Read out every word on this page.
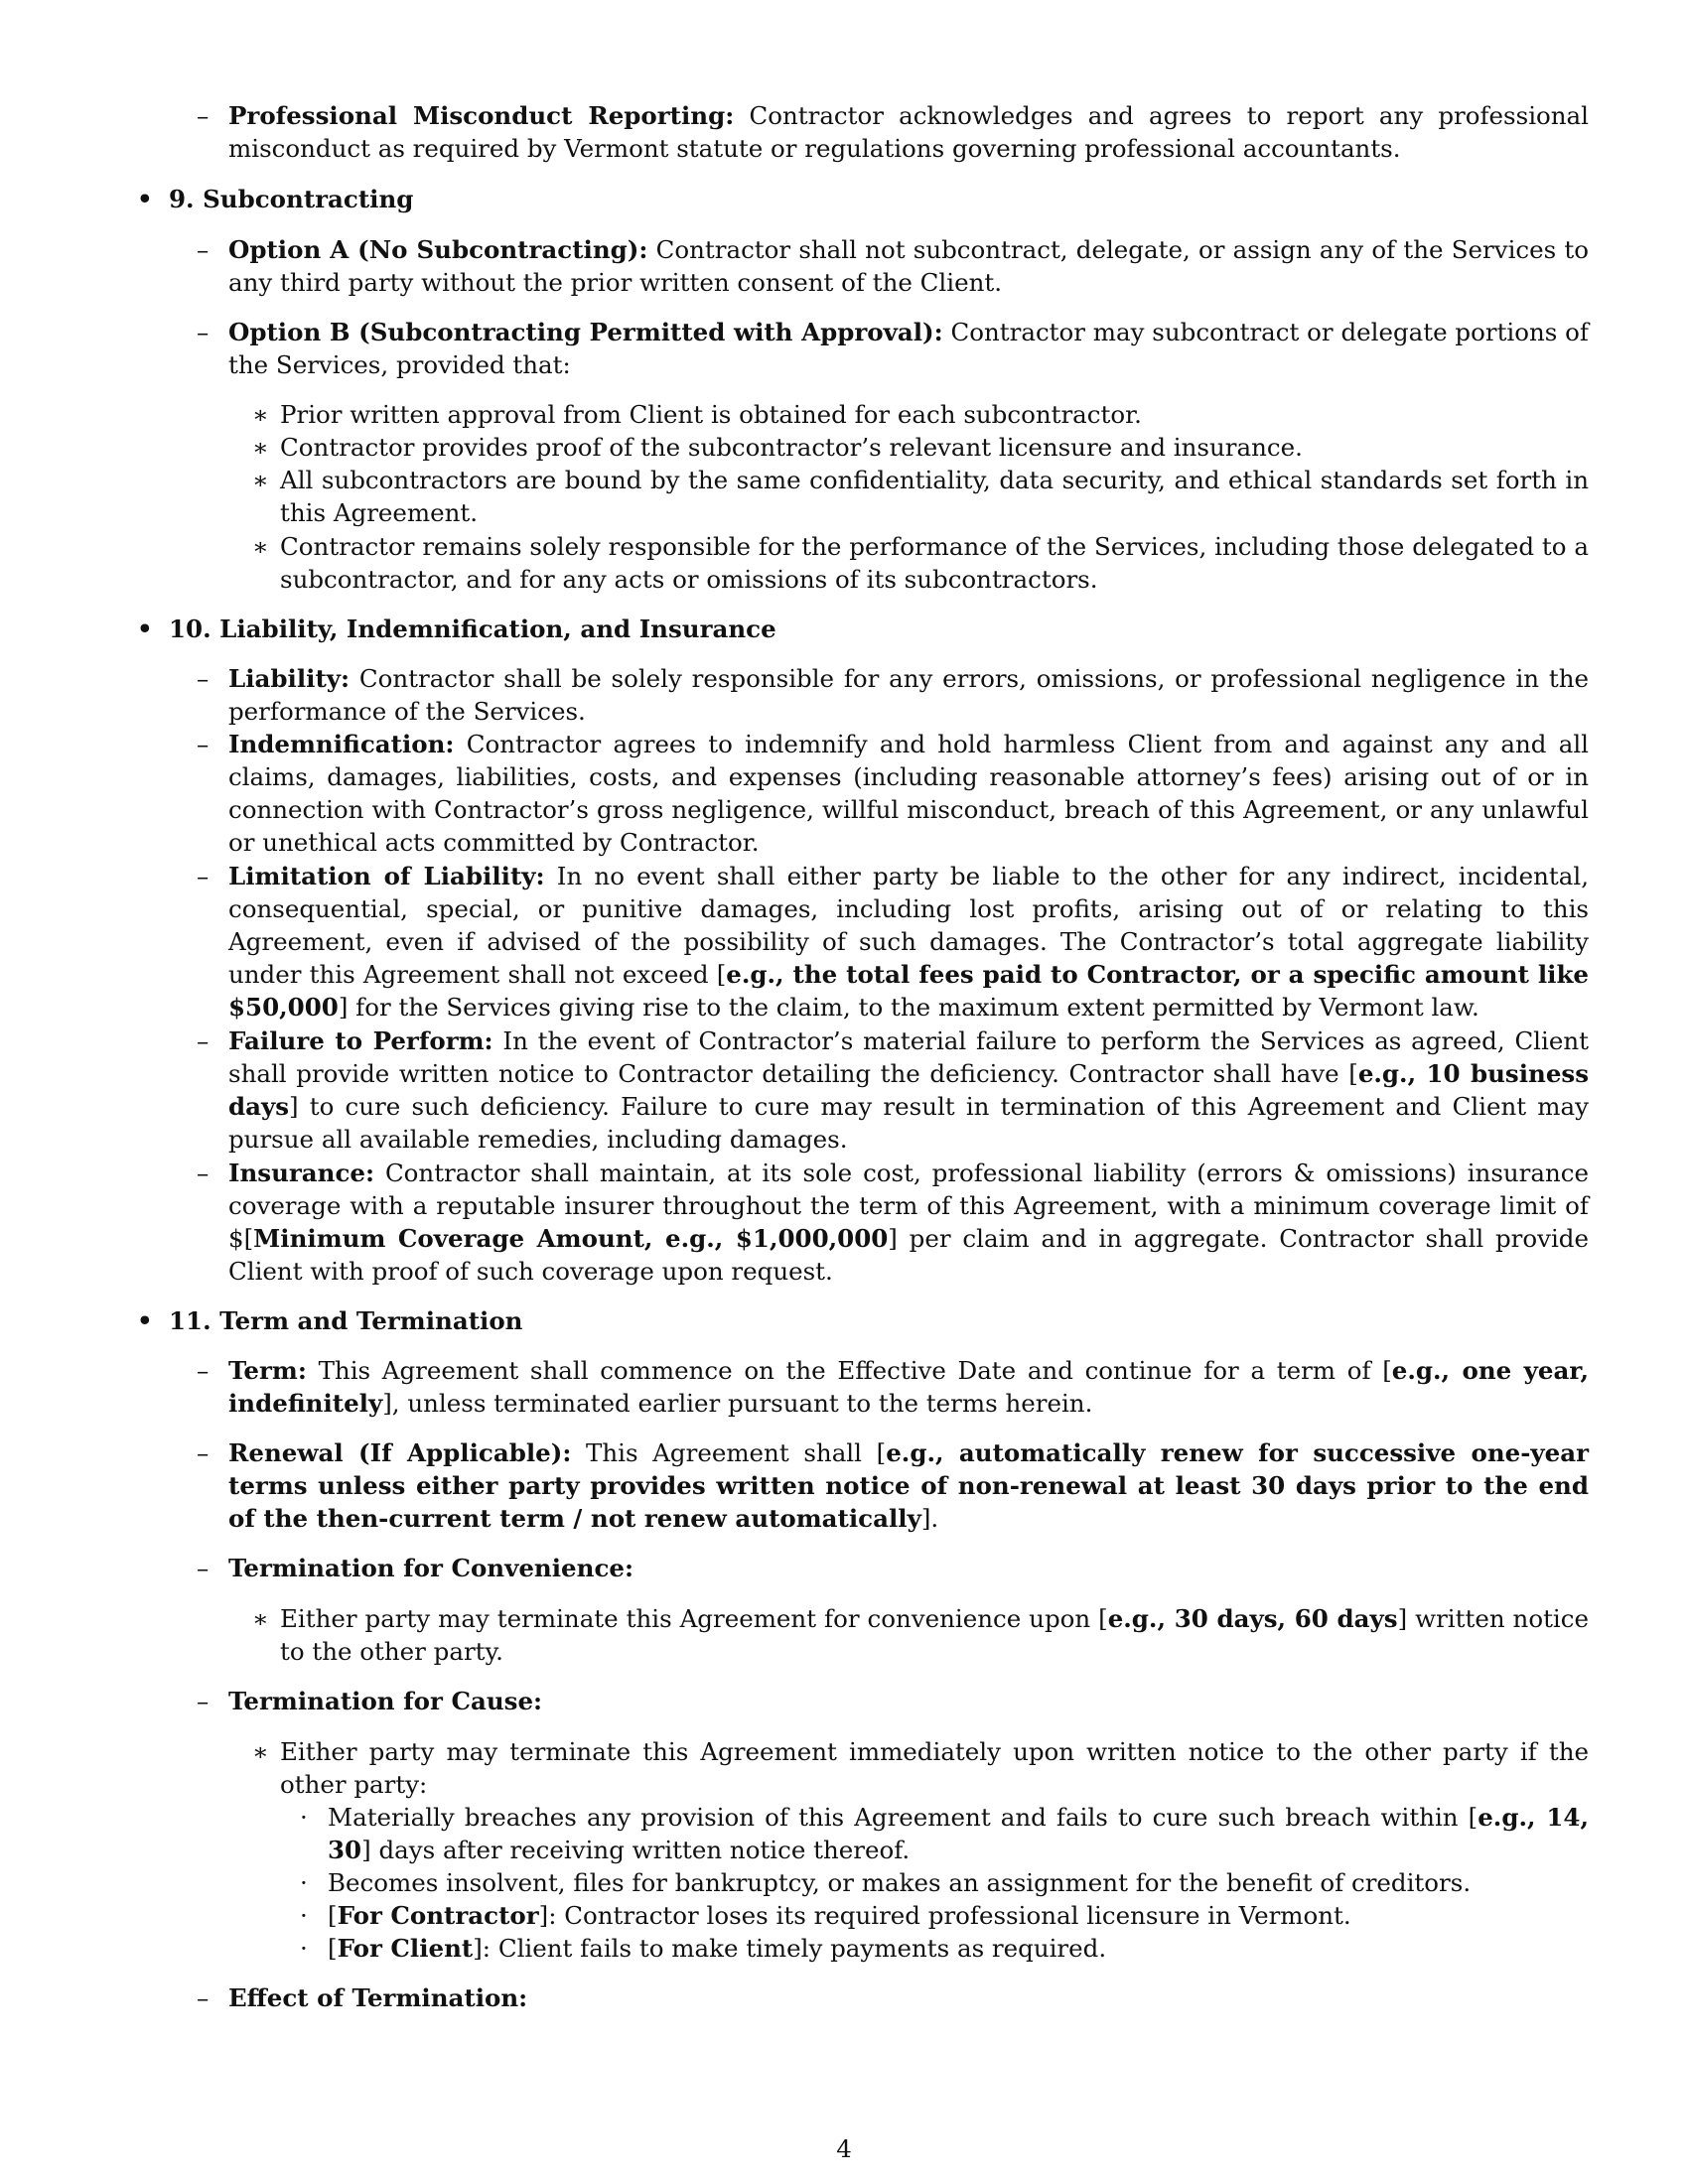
– Professional Misconduct Reporting: Contractor acknowledges and agrees to report any professional misconduct as required by Vermont statute or regulations governing professional accountants.
• 9. Subcontracting
– Option A (No Subcontracting): Contractor shall not subcontract, delegate, or assign any of the Services to any third party without the prior written consent of the Client.
– Option B (Subcontracting Permitted with Approval): Contractor may subcontract or delegate portions of the Services, provided that:
∗ Prior written approval from Client is obtained for each subcontractor.
∗ Contractor provides proof of the subcontractor’s relevant licensure and insurance.
∗ All subcontractors are bound by the same confidentiality, data security, and ethical standards set forth in this Agreement.
∗ Contractor remains solely responsible for the performance of the Services, including those delegated to a subcontractor, and for any acts or omissions of its subcontractors.
• 10. Liability, Indemnification, and Insurance
– Liability: Contractor shall be solely responsible for any errors, omissions, or professional negligence in the performance of the Services.
– Indemnification: Contractor agrees to indemnify and hold harmless Client from and against any and all claims, damages, liabilities, costs, and expenses (including reasonable attorney’s fees) arising out of or in connection with Contractor’s gross negligence, willful misconduct, breach of this Agreement, or any unlawful or unethical acts committed by Contractor.
– Limitation of Liability: In no event shall either party be liable to the other for any indirect, incidental, consequential, special, or punitive damages, including lost profits, arising out of or relating to this Agreement, even if advised of the possibility of such damages. The Contractor’s total aggregate liability under this Agreement shall not exceed [e.g., the total fees paid to Contractor, or a specific amount like $50,000] for the Services giving rise to the claim, to the maximum extent permitted by Vermont law.
– Failure to Perform: In the event of Contractor’s material failure to perform the Services as agreed, Client shall provide written notice to Contractor detailing the deficiency. Contractor shall have [e.g., 10 business days] to cure such deficiency. Failure to cure may result in termination of this Agreement and Client may pursue all available remedies, including damages.
– Insurance: Contractor shall maintain, at its sole cost, professional liability (errors & omissions) insurance coverage with a reputable insurer throughout the term of this Agreement, with a minimum coverage limit of $[Minimum Coverage Amount, e.g., $1,000,000] per claim and in aggregate. Contractor shall provide Client with proof of such coverage upon request.
• 11. Term and Termination
– Term: This Agreement shall commence on the Effective Date and continue for a term of [e.g., one year, indefinitely], unless terminated earlier pursuant to the terms herein.
– Renewal (If Applicable): This Agreement shall [e.g., automatically renew for successive one-year terms unless either party provides written notice of non-renewal at least 30 days prior to the end of the then-current term / not renew automatically].
– Termination for Convenience:
∗ Either party may terminate this Agreement for convenience upon [e.g., 30 days, 60 days] written notice to the other party.
– Termination for Cause:
∗ Either party may terminate this Agreement immediately upon written notice to the other party if the other party:
· Materially breaches any provision of this Agreement and fails to cure such breach within [e.g., 14, 30] days after receiving written notice thereof.
· Becomes insolvent, files for bankruptcy, or makes an assignment for the benefit of creditors.
· [For Contractor]: Contractor loses its required professional licensure in Vermont.
· [For Client]: Client fails to make timely payments as required.
– Effect of Termination:
4
